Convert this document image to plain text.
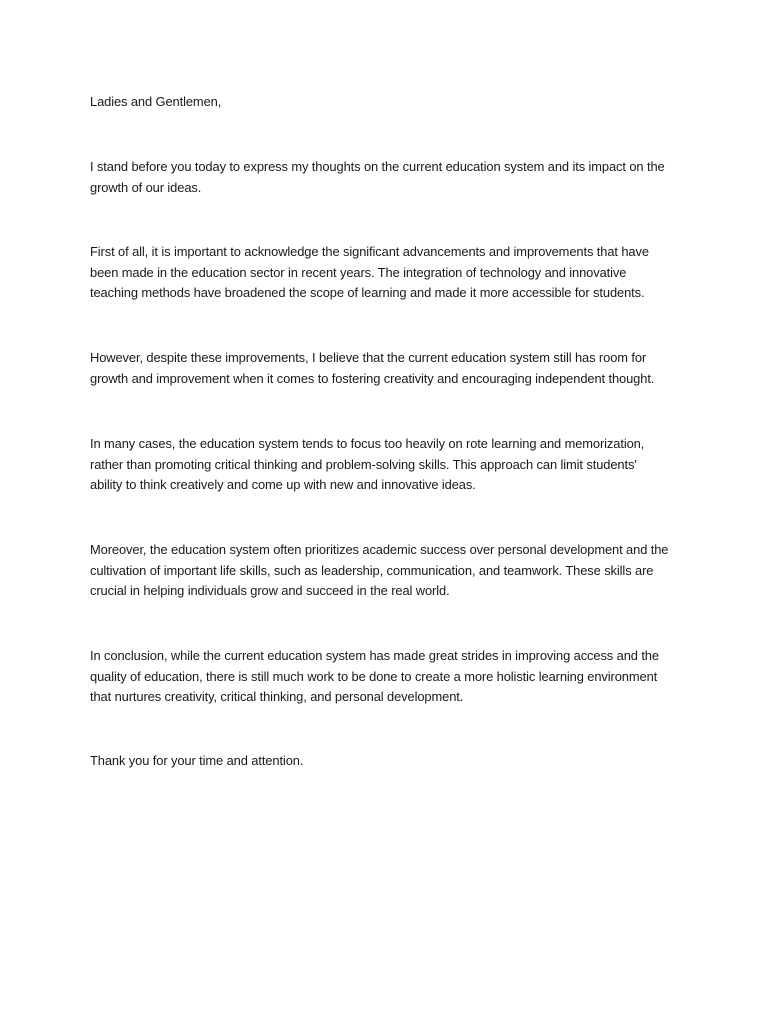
Ladies and Gentlemen,
I stand before you today to express my thoughts on the current education system and its impact on the
growth of our ideas.
First of all, it is important to acknowledge the significant advancements and improvements that have
been made in the education sector in recent years. The integration of technology and innovative
teaching methods have broadened the scope of learning and made it more accessible for students.
However, despite these improvements, I believe that the current education system still has room for
growth and improvement when it comes to fostering creativity and encouraging independent thought.
In many cases, the education system tends to focus too heavily on rote learning and memorization,
rather than promoting critical thinking and problem-solving skills. This approach can limit students'
ability to think creatively and come up with new and innovative ideas.
Moreover, the education system often prioritizes academic success over personal development and the
cultivation of important life skills, such as leadership, communication, and teamwork. These skills are
crucial in helping individuals grow and succeed in the real world.
In conclusion, while the current education system has made great strides in improving access and the
quality of education, there is still much work to be done to create a more holistic learning environment
that nurtures creativity, critical thinking, and personal development.
Thank you for your time and attention.
